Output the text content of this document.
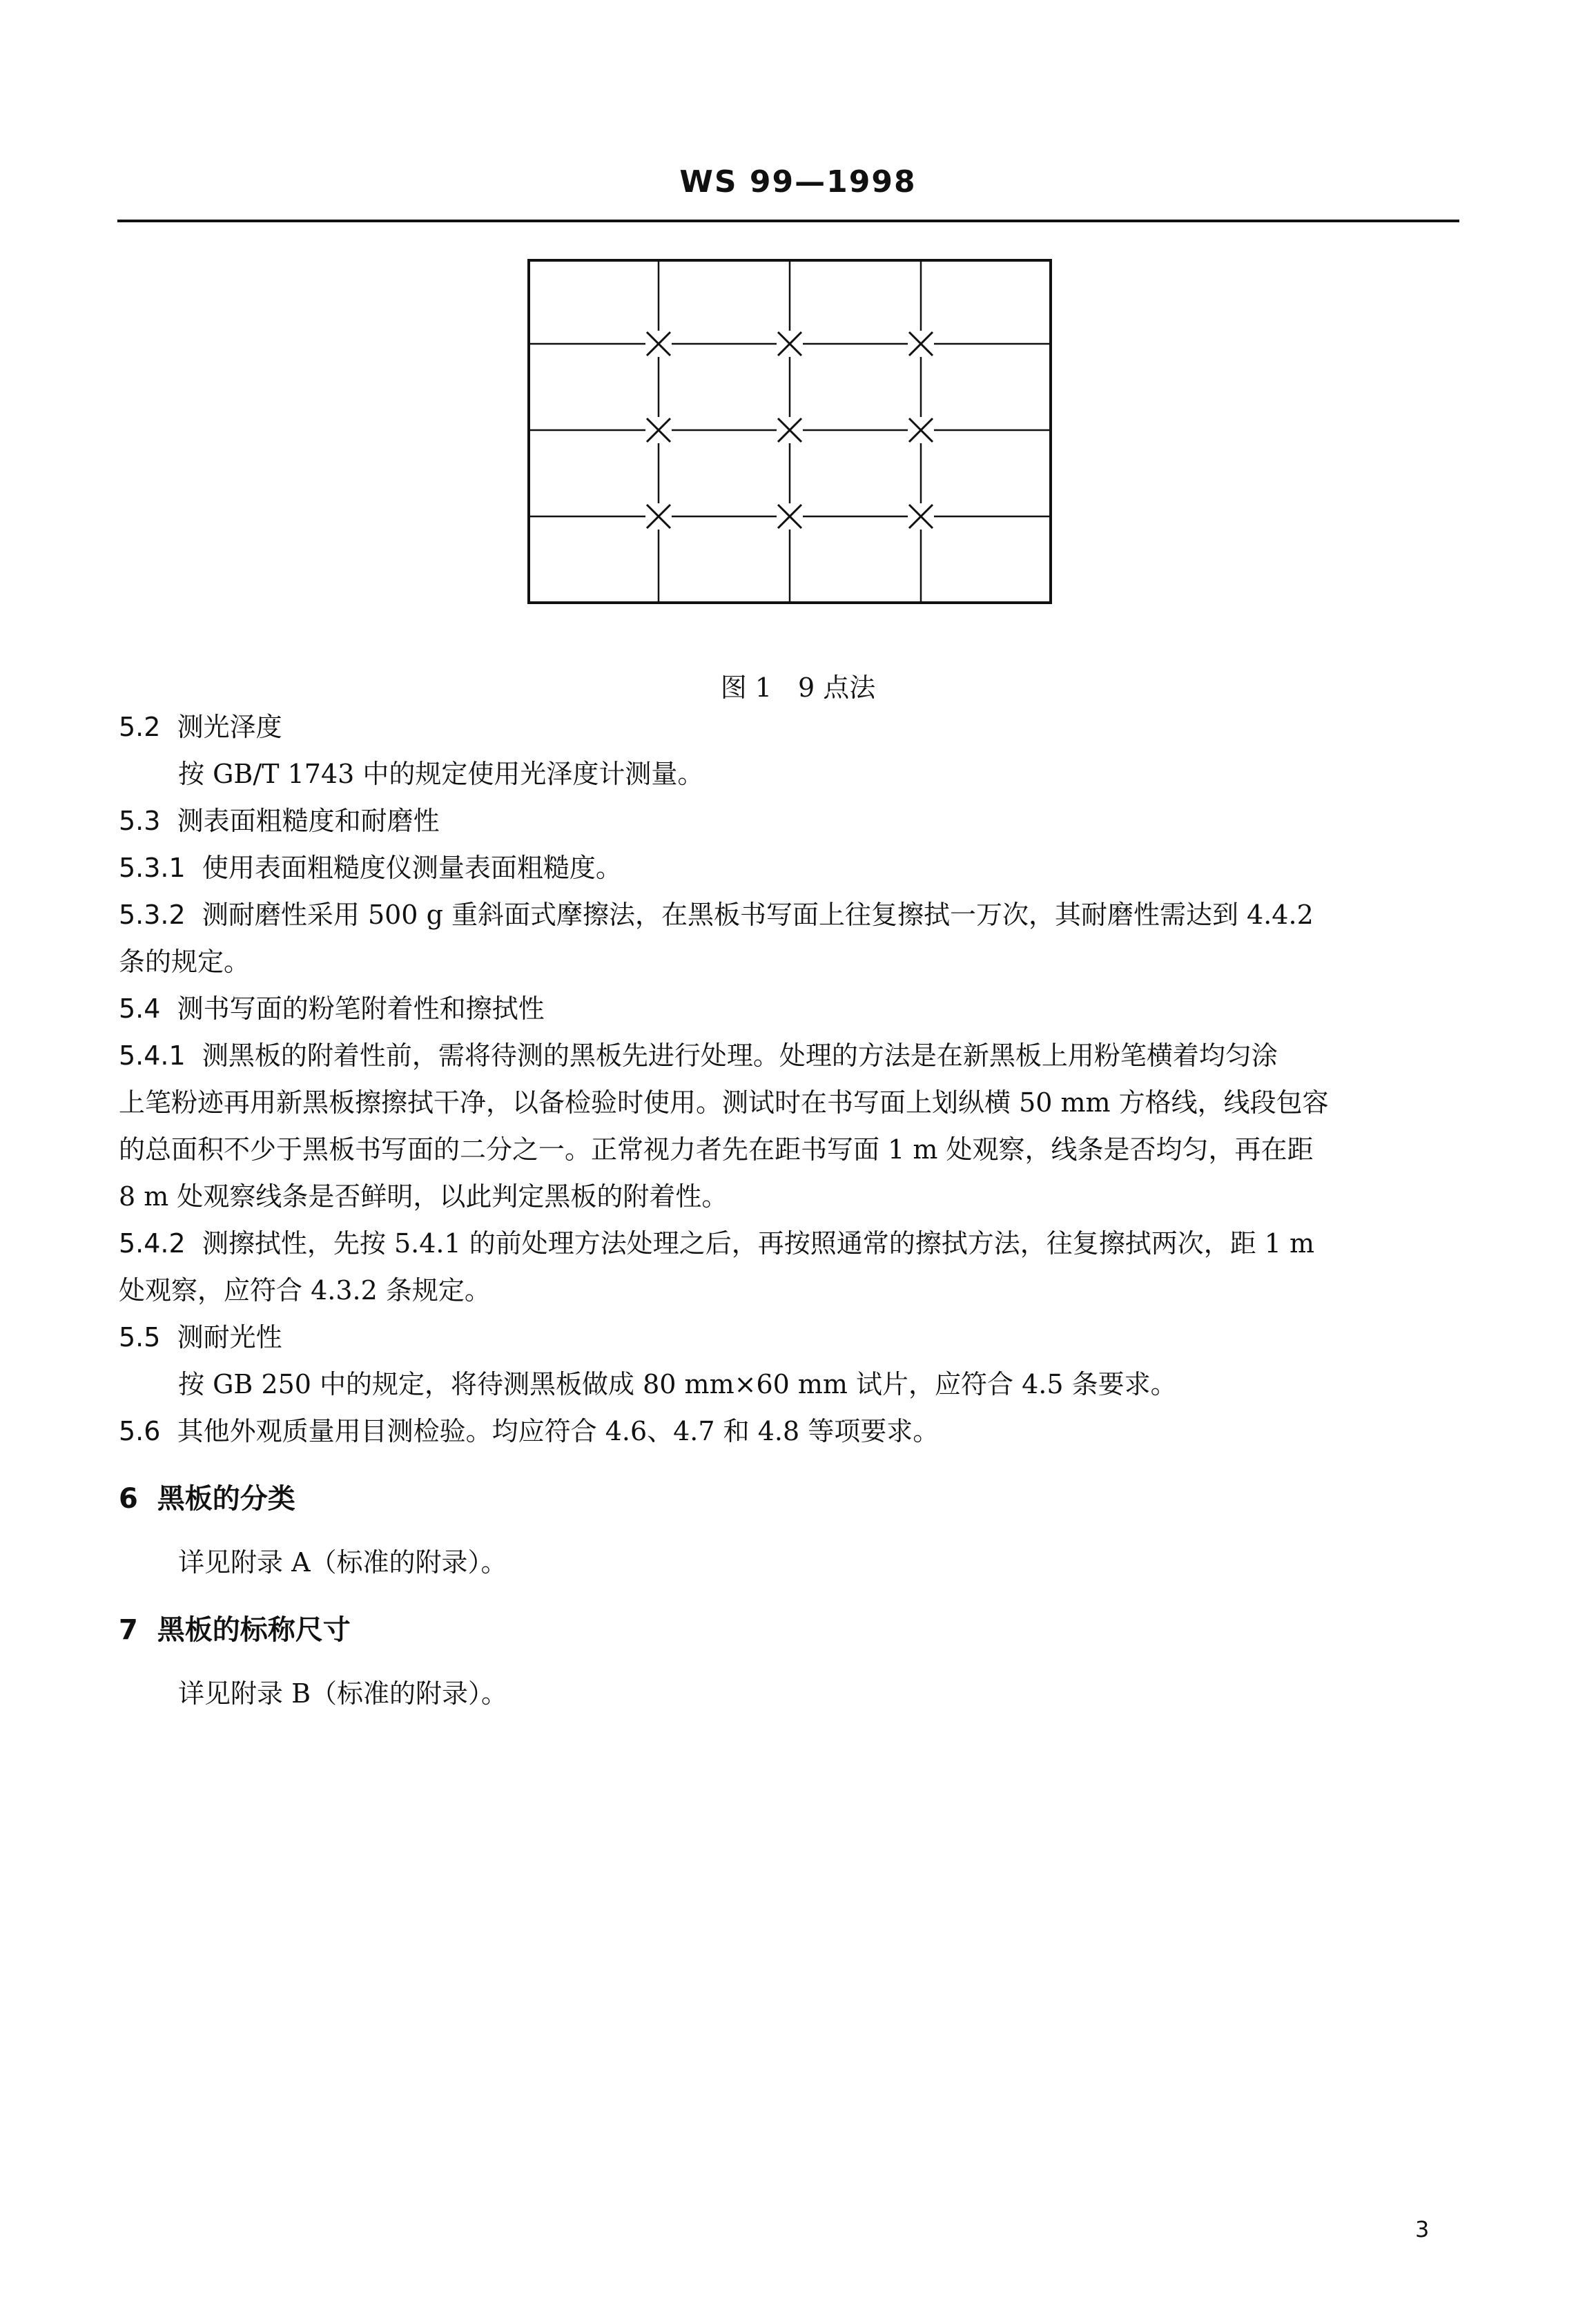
WS 99—1998
图 1　9 点法
5.2 测光泽度
按 GB/T 1743 中的规定使用光泽度计测量。
5.3 测表面粗糙度和耐磨性
5.3.1 使用表面粗糙度仪测量表面粗糙度。
5.3.2 测耐磨性采用 500 g 重斜面式摩擦法，在黑板书写面上往复擦拭一万次，其耐磨性需达到 4.4.2
条的规定。
5.4 测书写面的粉笔附着性和擦拭性
5.4.1 测黑板的附着性前，需将待测的黑板先进行处理。处理的方法是在新黑板上用粉笔横着均匀涂
上笔粉迹再用新黑板擦擦拭干净，以备检验时使用。测试时在书写面上划纵横 50 mm 方格线，线段包容
的总面积不少于黑板书写面的二分之一。正常视力者先在距书写面 1 m 处观察，线条是否均匀，再在距
8 m 处观察线条是否鲜明，以此判定黑板的附着性。
5.4.2 测擦拭性，先按 5.4.1 的前处理方法处理之后，再按照通常的擦拭方法，往复擦拭两次，距 1 m
处观察，应符合 4.3.2 条规定。
5.5 测耐光性
按 GB 250 中的规定，将待测黑板做成 80 mm×60 mm 试片，应符合 4.5 条要求。
5.6 其他外观质量用目测检验。均应符合 4.6、4.7 和 4.8 等项要求。
6 黑板的分类
详见附录 A（标准的附录）。
7 黑板的标称尺寸
详见附录 B（标准的附录）。
3
